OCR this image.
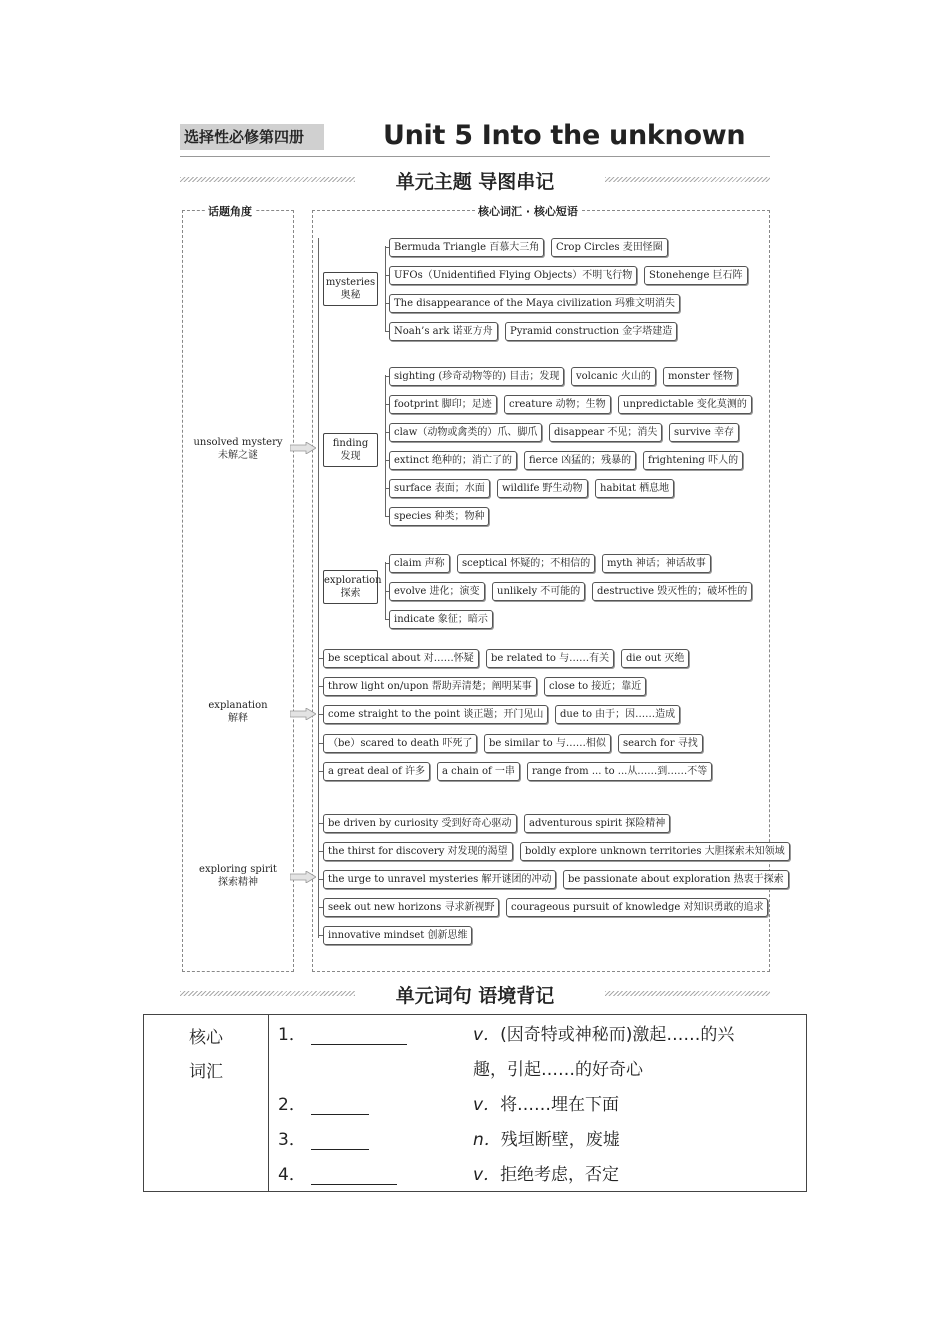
选择性必修第四册	Unit 5 Into the unknown
单元主题 导图串记
话题角度	核心词汇 · 核心短语
unsolved mystery
未解之谜
explanation
解释
exploring spirit
探索精神
mysteries
奥秘
finding
发现
exploration
探索
Bermuda Triangle 百慕大三角	Crop Circles 麦田怪圈
UFOs（Unidentified Flying Objects）不明飞行物	Stonehenge 巨石阵
The disappearance of the Maya civilization 玛雅文明消失
Noah’s ark 诺亚方舟	Pyramid construction 金字塔建造
sighting (珍奇动物等的) 目击；发现	volcanic 火山的	monster 怪物
footprint 脚印；足迹	creature 动物；生物	unpredictable 变化莫测的
claw（动物或禽类的）爪、脚爪	disappear 不见；消失	survive 幸存
extinct 绝种的；消亡了的	fierce 凶猛的；残暴的	frightening 吓人的
surface 表面；水面	wildlife 野生动物	habitat 栖息地
species 种类；物种
claim 声称	sceptical 怀疑的；不相信的	myth 神话；神话故事
evolve 进化；演变	unlikely 不可能的	destructive 毁灭性的；破坏性的
indicate 象征；暗示
be sceptical about 对……怀疑	be related to 与……有关	die out 灭绝
throw light on/upon 帮助弄清楚；阐明某事	close to 接近；靠近
come straight to the point 谈正题；开门见山	due to 由于；因……造成
（be）scared to death 吓死了	be similar to 与……相似	search for 寻找
a great deal of 许多	a chain of 一串	range from ... to ...从……到……不等
be driven by curiosity 受到好奇心驱动	adventurous spirit 探险精神
the thirst for discovery 对发现的渴望	boldly explore unknown territories 大胆探索未知领域
the urge to unravel mysteries 解开谜团的冲动	be passionate about exploration 热衷于探索
seek out new horizons 寻求新视野	courageous pursuit of knowledge 对知识勇敢的追求
innovative mindset 创新思维
单元词句 语境背记
核心
词汇

1．	v．(因奇特或神秘而)激起……的兴
趣，引起……的好奇心
2．	v．将……埋在下面
3．	n．残垣断壁，废墟
4．	v．拒绝考虑，否定
